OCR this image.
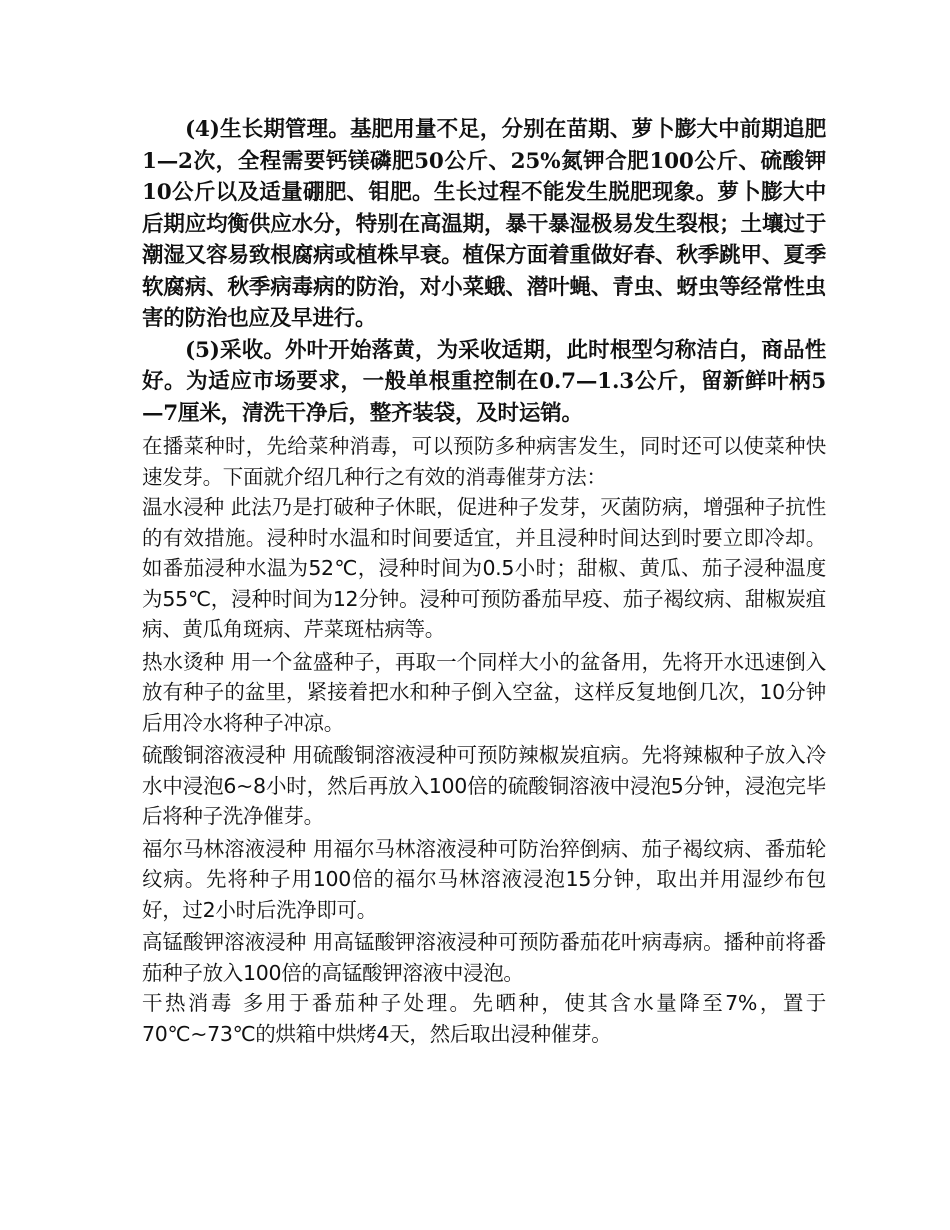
(4)生长期管理。基肥用量不足，分别在苗期、萝卜膨大中前期追肥1—2次，全程需要钙镁磷肥50公斤、25%氮钾合肥100公斤、硫酸钾10公斤以及适量硼肥、钼肥。生长过程不能发生脱肥现象。萝卜膨大中后期应均衡供应水分，特别在高温期，暴干暴湿极易发生裂根；土壤过于潮湿又容易致根腐病或植株早衰。植保方面着重做好春、秋季跳甲、夏季软腐病、秋季病毒病的防治，对小菜蛾、潜叶蝇、青虫、蚜虫等经常性虫害的防治也应及早进行。

(5)采收。外叶开始落黄，为采收适期，此时根型匀称洁白，商品性好。为适应市场要求，一般单根重控制在0.7—1.3公斤，留新鲜叶柄5—7厘米，清洗干净后，整齐装袋，及时运销。

在播菜种时，先给菜种消毒，可以预防多种病害发生，同时还可以使菜种快速发芽。下面就介绍几种行之有效的消毒催芽方法：

温水浸种 此法乃是打破种子休眠，促进种子发芽，灭菌防病，增强种子抗性的有效措施。浸种时水温和时间要适宜，并且浸种时间达到时要立即冷却。如番茄浸种水温为52℃，浸种时间为0.5小时；甜椒、黄瓜、茄子浸种温度为55℃，浸种时间为12分钟。浸种可预防番茄早疫、茄子褐纹病、甜椒炭疽病、黄瓜角斑病、芹菜斑枯病等。

热水烫种 用一个盆盛种子，再取一个同样大小的盆备用，先将开水迅速倒入放有种子的盆里，紧接着把水和种子倒入空盆，这样反复地倒几次，10分钟后用冷水将种子冲凉。

硫酸铜溶液浸种 用硫酸铜溶液浸种可预防辣椒炭疽病。先将辣椒种子放入冷水中浸泡6~8小时，然后再放入100倍的硫酸铜溶液中浸泡5分钟，浸泡完毕后将种子洗净催芽。

福尔马林溶液浸种 用福尔马林溶液浸种可防治猝倒病、茄子褐纹病、番茄轮纹病。先将种子用100倍的福尔马林溶液浸泡15分钟，取出并用湿纱布包好，过2小时后洗净即可。

高锰酸钾溶液浸种 用高锰酸钾溶液浸种可预防番茄花叶病毒病。播种前将番茄种子放入100倍的高锰酸钾溶液中浸泡。

干热消毒 多用于番茄种子处理。先晒种，使其含水量降至7%，置于70℃~73℃的烘箱中烘烤4天，然后取出浸种催芽。
